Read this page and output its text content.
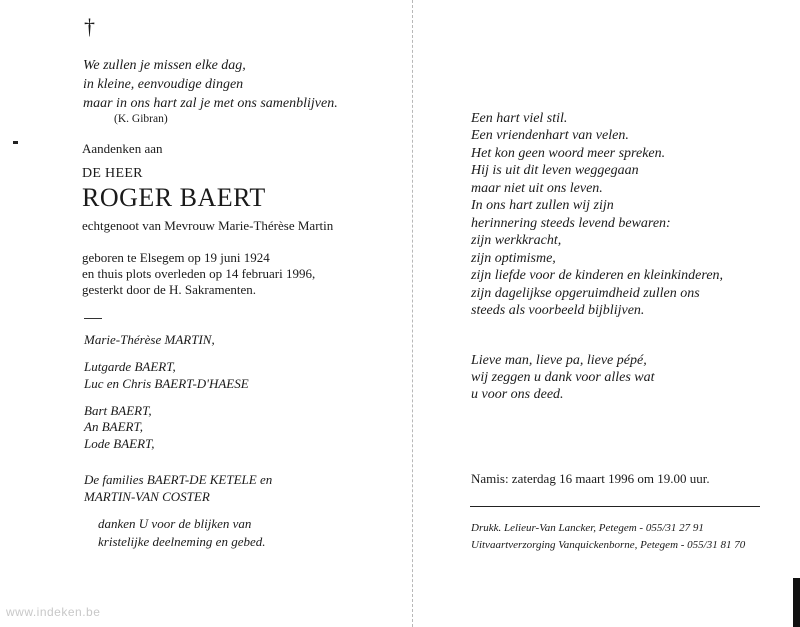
†
We zullen je missen elke dag,
in kleine, eenvoudige dingen
maar in ons hart zal je met ons samenblijven.
(K. Gibran)
Aandenken aan
DE HEER
ROGER BAERT
echtgenoot van Mevrouw Marie-Thérèse Martin
geboren te Elsegem op 19 juni 1924
en thuis plots overleden op 14 februari 1996,
gesterkt door de H. Sakramenten.
Marie-Thérèse MARTIN,
Lutgarde BAERT,
Luc en Chris BAERT-D'HAESE
Bart BAERT,
An BAERT,
Lode BAERT,
De families BAERT-DE KETELE en
MARTIN-VAN COSTER
danken U voor de blijken van
kristelijke deelneming en gebed.
Een hart viel stil.
Een vriendenhart van velen.
Het kon geen woord meer spreken.
Hij is uit dit leven weggegaan
maar niet uit ons leven.
In ons hart zullen wij zijn
herinnering steeds levend bewaren:
zijn werkkracht,
zijn optimisme,
zijn liefde voor de kinderen en kleinkinderen,
zijn dagelijkse opgeruimdheid zullen ons
steeds als voorbeeld bijblijven.
Lieve man, lieve pa, lieve pépé,
wij zeggen u dank voor alles wat
u voor ons deed.
Namis: zaterdag 16 maart 1996 om 19.00 uur.
Drukk. Lelieur-Van Lancker, Petegem - 055/31 27 91
Uitvaartverzorging Vanquickenborne, Petegem - 055/31 81 70
www.indeken.be
